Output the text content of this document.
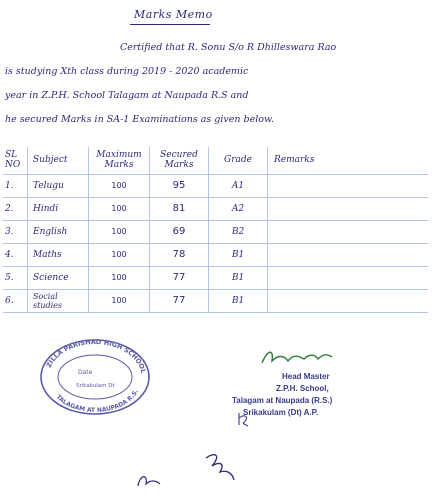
Marks Memo
Certified that R. Sonu S/o R Dhilleswara Rao
is studying Xth class during 2019 - 2020 academic
year in Z.P.H. School Talagam at Naupada R.S and
he secured Marks in SA-1 Examinations as given below.
SL NO	Subject	Maximum Marks	Secured Marks	Grade	Remarks
1.	Telugu	100	95	A1	
2.	Hindi	100	81	A2	
3.	English	100	69	B2	
4.	Maths	100	78	B1	
5.	Science	100	77	B1	
6.	Social studies	100	77	B1	
ZILLA PARISHAD HIGH SCHOOL
TALAGAM AT NAUPADA R.S.
Date
Srikakulam Dt
Head Master
Z.P.H. School,
Talagam at Naupada (R.S.)
Srikakulam (Dt) A.P.
